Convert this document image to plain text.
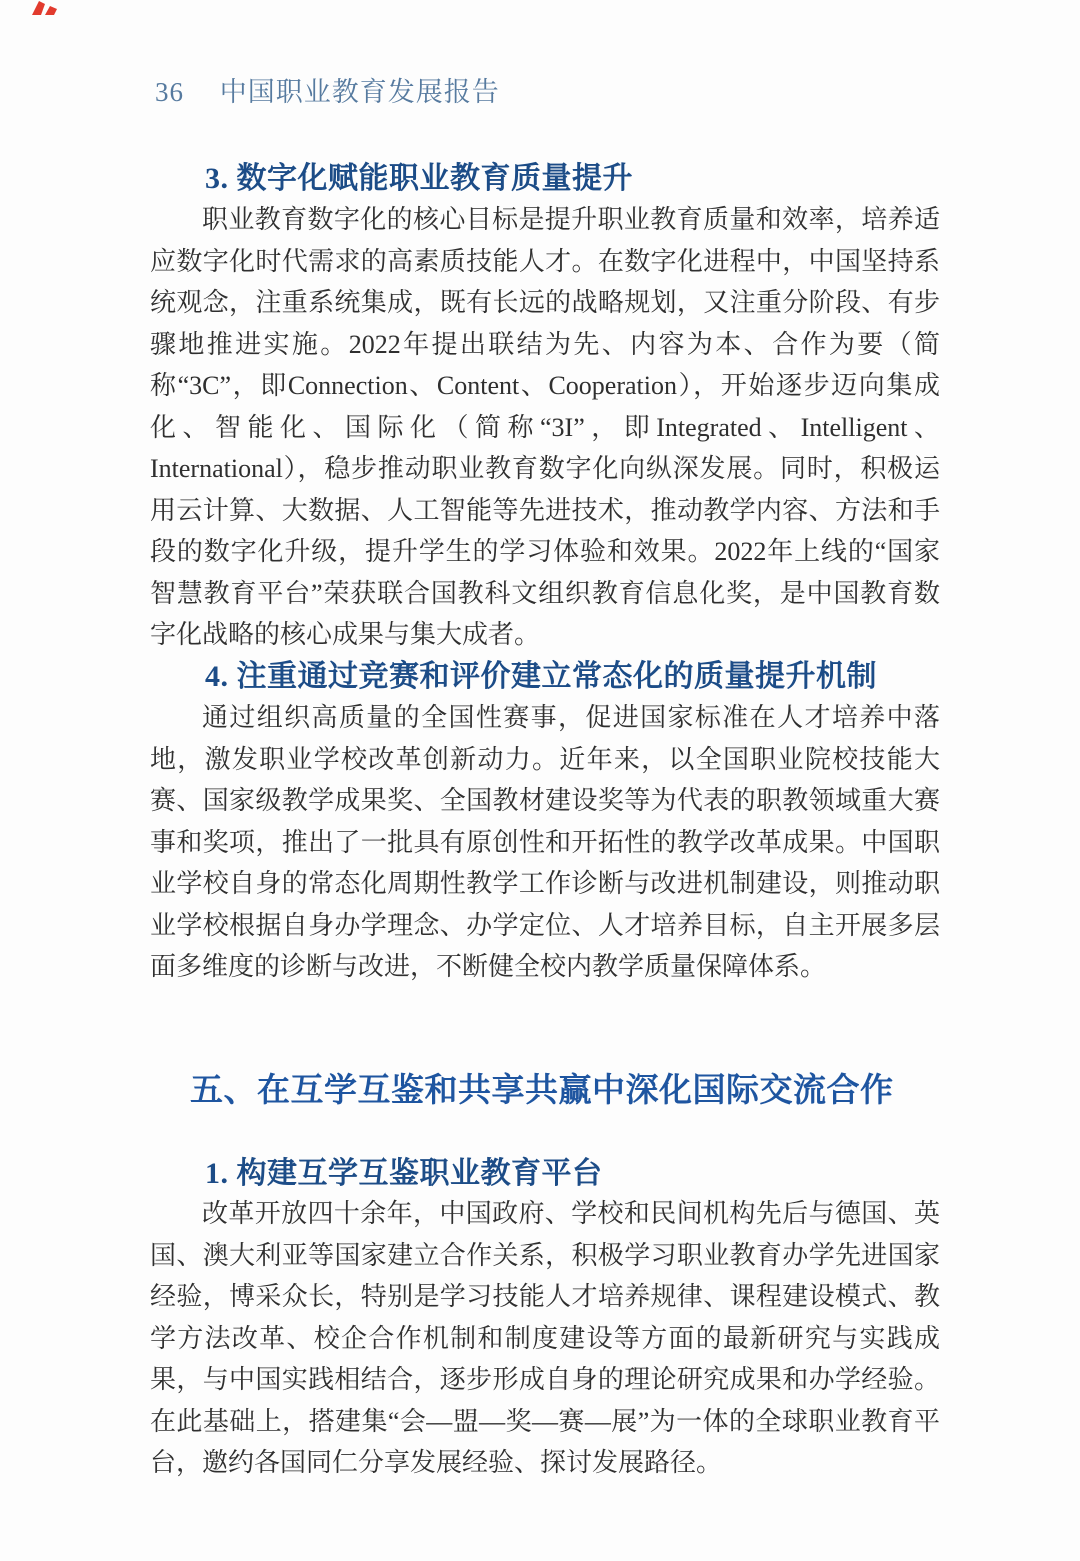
36 中国职业教育发展报告
3. 数字化赋能职业教育质量提升

职业教育数字化的核心目标是提升职业教育质量和效率，培养适应数字化时代需求的高素质技能人才。在数字化进程中，中国坚持系统观念，注重系统集成，既有长远的战略规划，又注重分阶段、有步骤地推进实施。2022年提出联结为先、内容为本、合作为要（简称“3C”，即Connection、Content、Cooperation），开始逐步迈向集成化、智能化、国际化（简称“3I”，即Integrated、Intelligent、International），稳步推动职业教育数字化向纵深发展。同时，积极运用云计算、大数据、人工智能等先进技术，推动教学内容、方法和手段的数字化升级，提升学生的学习体验和效果。2022年上线的“国家智慧教育平台”荣获联合国教科文组织教育信息化奖，是中国教育数字化战略的核心成果与集大成者。

4. 注重通过竞赛和评价建立常态化的质量提升机制

通过组织高质量的全国性赛事，促进国家标准在人才培养中落地，激发职业学校改革创新动力。近年来，以全国职业院校技能大赛、国家级教学成果奖、全国教材建设奖等为代表的职教领域重大赛事和奖项，推出了一批具有原创性和开拓性的教学改革成果。中国职业学校自身的常态化周期性教学工作诊断与改进机制建设，则推动职业学校根据自身办学理念、办学定位、人才培养目标，自主开展多层面多维度的诊断与改进，不断健全校内教学质量保障体系。

五、在互学互鉴和共享共赢中深化国际交流合作
1. 构建互学互鉴职业教育平台

改革开放四十余年，中国政府、学校和民间机构先后与德国、英国、澳大利亚等国家建立合作关系，积极学习职业教育办学先进国家经验，博采众长，特别是学习技能人才培养规律、课程建设模式、教学方法改革、校企合作机制和制度建设等方面的最新研究与实践成果，与中国实践相结合，逐步形成自身的理论研究成果和办学经验。在此基础上，搭建集“会—盟—奖—赛—展”为一体的全球职业教育平台，邀约各国同仁分享发展经验、探讨发展路径。
